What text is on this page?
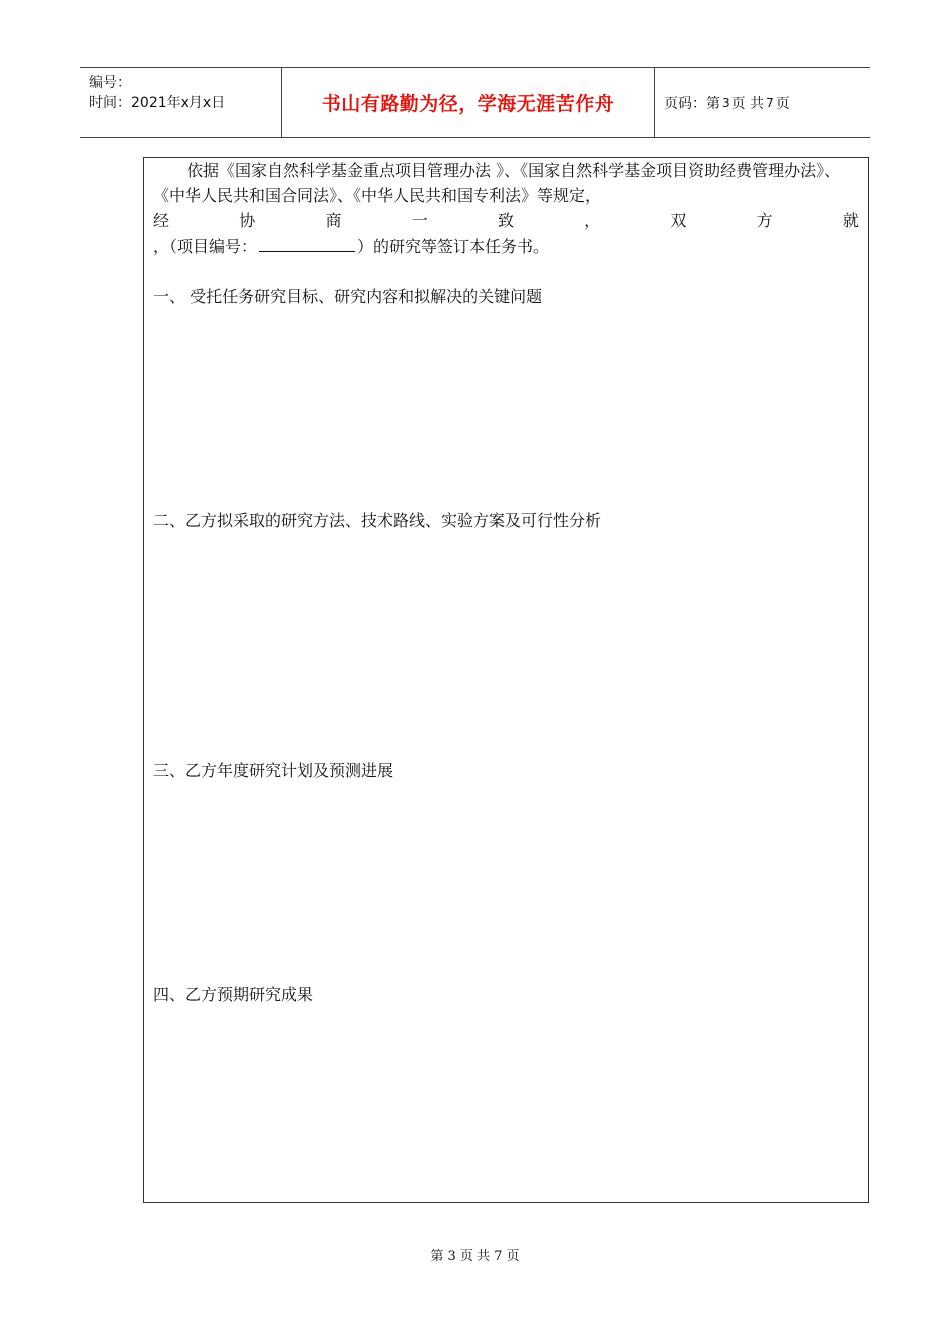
编号：
时间：2021年x月x日	书山有路勤为径，学海无涯苦作舟	页码：第 3 页 共 7 页
依据《国家自然科学基金重点项目管理办法 》、《国家自然科学基金项目资助经费管理办法》、《中华人民共和国合同法》、《中华人民共和国专利法》等规定，
经	协	商	一	致	，	双	方	就
，（项目编号：	）的研究等签订本任务书。
一、 受托任务研究目标、研究内容和拟解决的关键问题
二、乙方拟采取的研究方法、技术路线、实验方案及可行性分析
三、乙方年度研究计划及预测进展
四、乙方预期研究成果
第 3 页 共 7 页
